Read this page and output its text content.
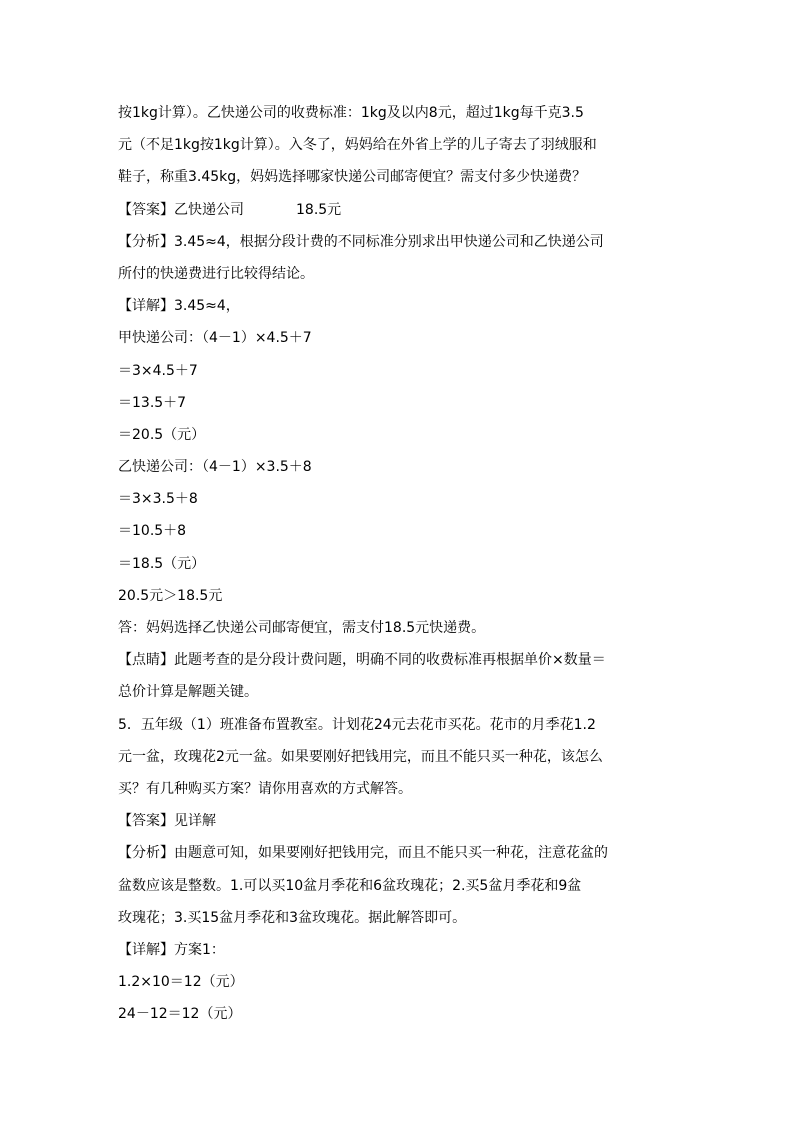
按1kg计算）。乙快递公司的收费标准：1kg及以内8元，超过1kg每千克3.5
元（不足1kg按1kg计算）。入冬了，妈妈给在外省上学的儿子寄去了羽绒服和
鞋子，称重3.45kg，妈妈选择哪家快递公司邮寄便宜？需支付多少快递费？
【答案】乙快递公司	18.5元
【分析】3.45≈4，根据分段计费的不同标准分别求出甲快递公司和乙快递公司
所付的快递费进行比较得结论。
【详解】3.45≈4，
甲快递公司：（4－1）×4.5＋7
＝3×4.5＋7
＝13.5＋7
＝20.5（元）
乙快递公司：（4－1）×3.5＋8
＝3×3.5＋8
＝10.5＋8
＝18.5（元）
20.5元＞18.5元
答：妈妈选择乙快递公司邮寄便宜，需支付18.5元快递费。
【点睛】此题考查的是分段计费问题，明确不同的收费标准再根据单价×数量＝
总价计算是解题关键。
5．五年级（1）班准备布置教室。计划花24元去花市买花。花市的月季花1.2
元一盆，玫瑰花2元一盆。如果要刚好把钱用完，而且不能只买一种花，该怎么
买？有几种购买方案？请你用喜欢的方式解答。
【答案】见详解
【分析】由题意可知，如果要刚好把钱用完，而且不能只买一种花，注意花盆的
盆数应该是整数。1.可以买10盆月季花和6盆玫瑰花；2.买5盆月季花和9盆
玫瑰花；3.买15盆月季花和3盆玫瑰花。据此解答即可。
【详解】方案1：
1.2×10＝12（元）
24－12＝12（元）
